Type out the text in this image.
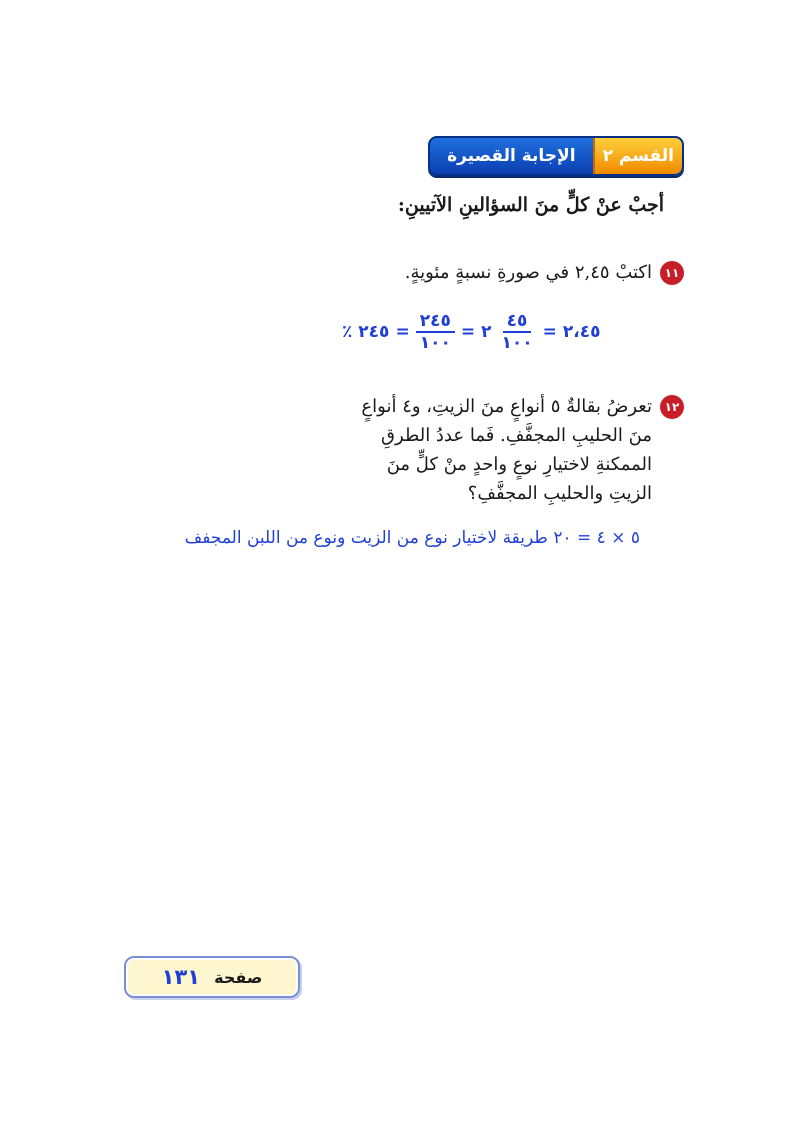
القسم ٢
الإجابة القصيرة
أجبْ عنْ كلٍّ منَ السؤالينِ الآتيينِ:
١١
اكتبْ ٢,٤٥ في صورةِ نسبةٍ مئويةٍ.
٪ ٢٤٥ = $\frac{٢٤٥}{١٠٠}$ = ٢ $\frac{٤٥}{١٠٠}$ = ٢،٤٥
١٢
تعرضُ بقالةٌ ٥ أنواعٍ منَ الزيتِ، و٤ أنواعٍ منَ الحليبِ المجفَّفِ. فَما عددُ الطرقِ الممكنةِ لاختيارِ نوعٍ واحدٍ منْ كلٍّ منَ الزيتِ والحليبِ المجفَّفِ؟
٥ × ٤ = ٢٠ طريقة لاختيار نوع من الزيت ونوع من اللبن المجفف
صفحة
١٣١
